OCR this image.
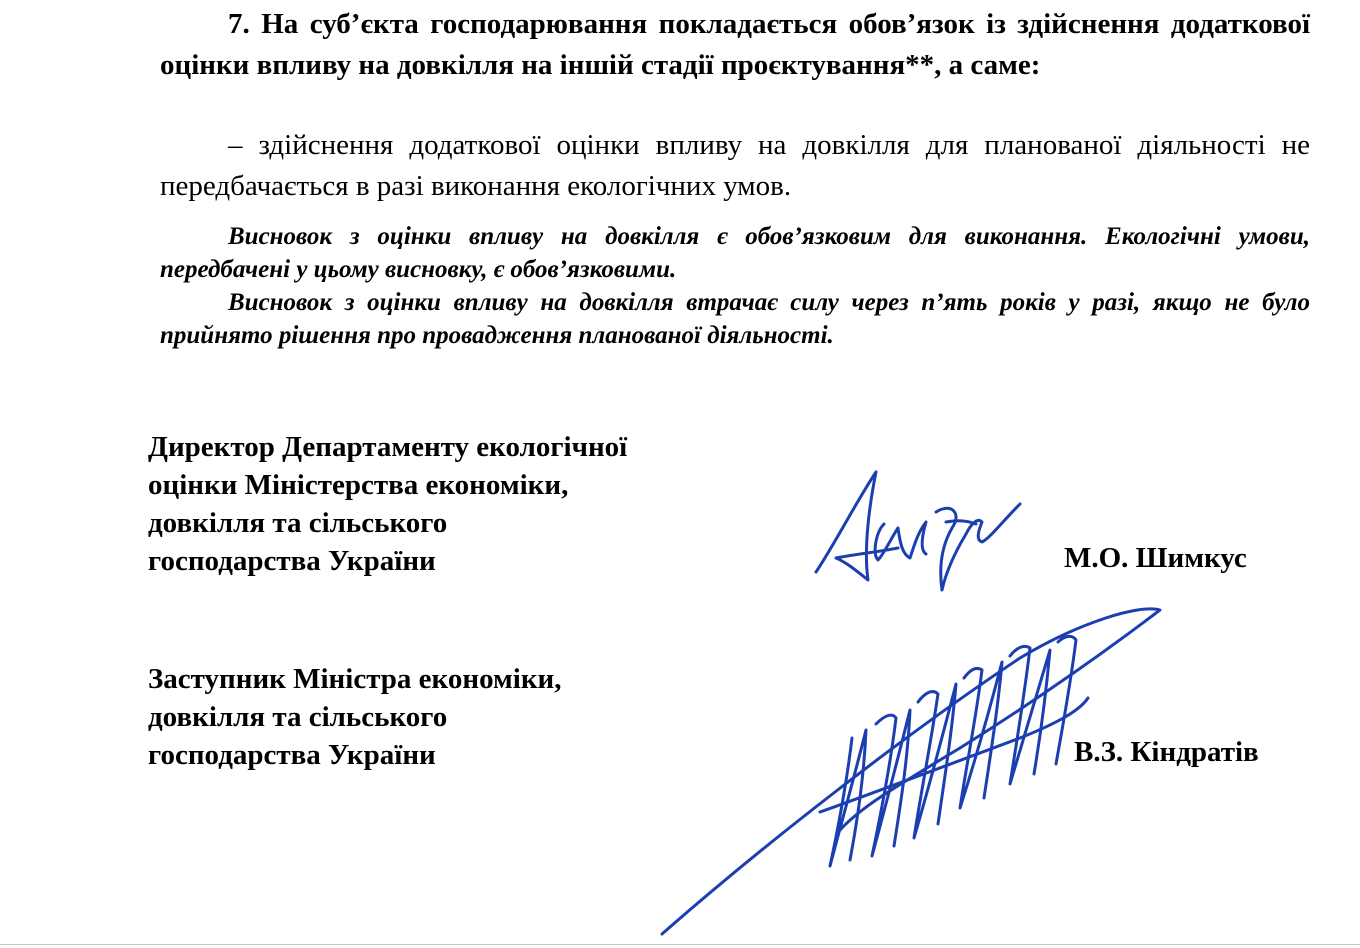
7. На суб’єкта господарювання покладається обов’язок із здійснення додаткової оцінки впливу на довкілля на іншій стадії проєктування**, а саме:

– здійснення додаткової оцінки впливу на довкілля для планованої діяльності не передбачається в разі виконання екологічних умов.

Висновок з оцінки впливу на довкілля є обов’язковим для виконання. Екологічні умови, передбачені у цьому висновку, є обов’язковими.

Висновок з оцінки впливу на довкілля втрачає силу через п’ять років у разі, якщо не було прийнято рішення про провадження планованої діяльності.

Директор Департаменту екологічної
оцінки Міністерства економіки,
довкілля та сільського
господарства України	М.О. Шимкус
Заступник Міністра економіки,
довкілля та сільського
господарства України	В.З. Кіндратів
